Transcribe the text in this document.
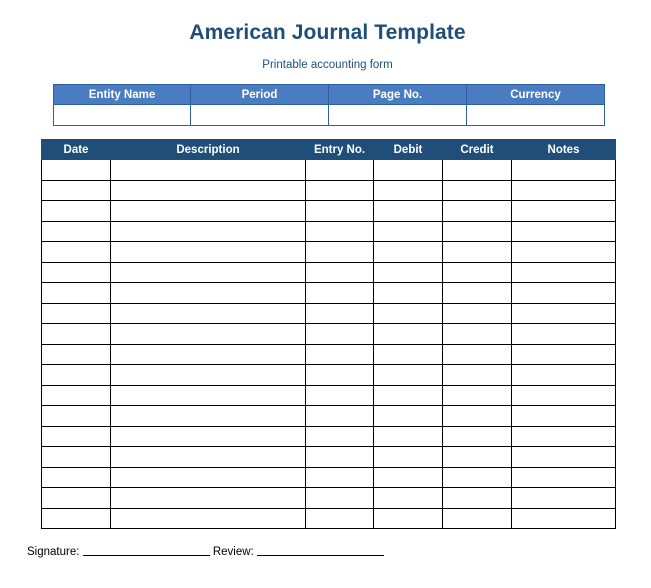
American Journal Template
Printable accounting form
Entity Name	Period	Page No.	Currency

Date	Description	Entry No.	Debit	Credit	Notes

Signature:	Review:
